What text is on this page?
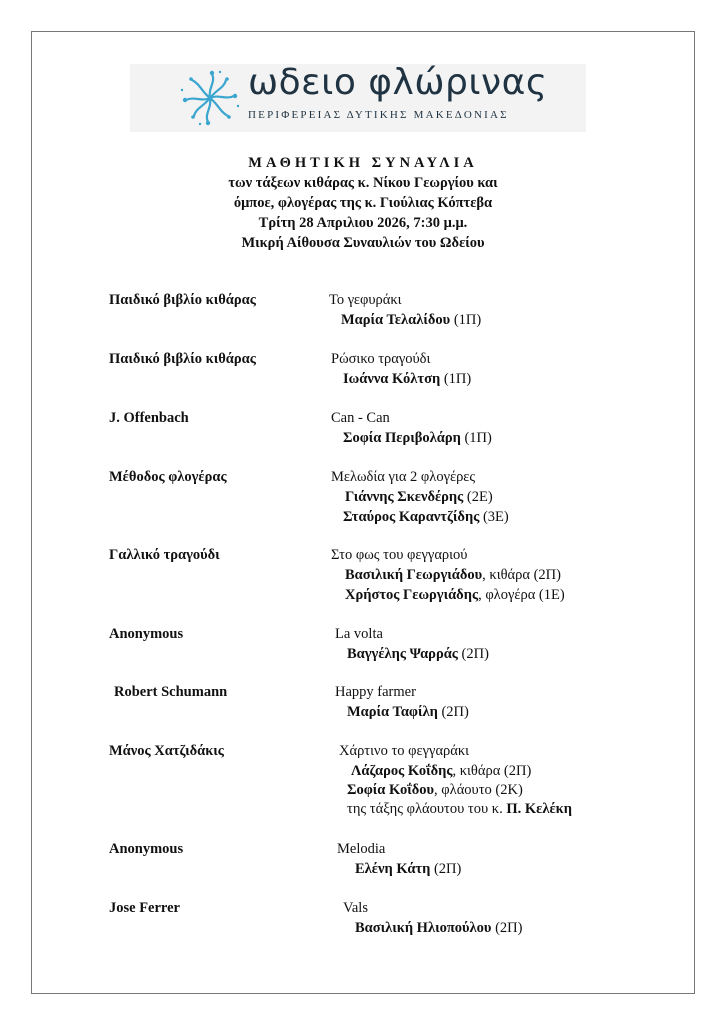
ωδειο φλώρινας
ΠΕΡΙΦΕΡΕΙΑΣ ΔΥΤΙΚΗΣ ΜΑΚΕΔΟΝΙΑΣ
ΜΑΘΗΤΙΚΗ ΣΥΝΑΥΛΙΑ
των τάξεων κιθάρας κ. Νίκου Γεωργίου και
όμποε, φλογέρας της κ. Γιούλιας Κόπτεβα
Τρίτη 28 Απριλιου 2026, 7:30 μ.μ.
Μικρή Αίθουσα Συναυλιών του Ωδείου
Παιδικό βιβλίο κιθάρας	Το γεφυράκι
Μαρία Τελαλίδου (1Π)
Παιδικό βιβλίο κιθάρας	Ρώσικο τραγούδι
Ιωάννα Κόλτση (1Π)
J. Offenbach	Can - Can
Σοφία Περιβολάρη (1Π)
Μέθοδος φλογέρας	Μελωδία για 2 φλογέρες
Γιάννης Σκενδέρης (2Ε)
Σταύρος Καραντζίδης (3Ε)
Γαλλικό τραγούδι	Στο φως του φεγγαριού
Βασιλική Γεωργιάδου, κιθάρα (2Π)
Χρήστος Γεωργιάδης, φλογέρα (1Ε)
Anonymous	La volta
Βαγγέλης Ψαρράς (2Π)
Robert Schumann	Happy farmer
Μαρία Ταφίλη (2Π)
Μάνος Χατζιδάκις	Χάρτινο το φεγγαράκι
Λάζαρος Κοΐδης, κιθάρα (2Π)
Σοφία Κοΐδου, φλάουτο (2Κ)
της τάξης φλάουτου του κ. Π. Κελέκη
Anonymous	Melodia
Ελένη Κάτη (2Π)
Jose Ferrer	Vals
Βασιλική Ηλιοπούλου (2Π)
